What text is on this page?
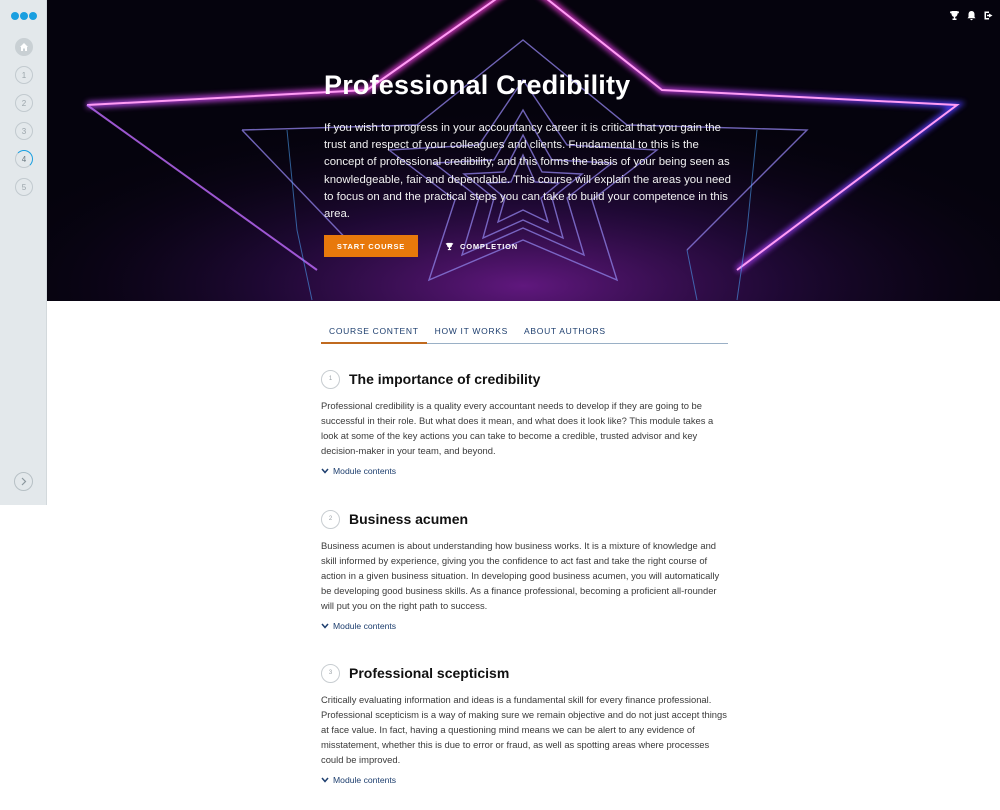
1
2
3
4
5
Professional Credibility

If you wish to progress in your accountancy career it is critical that you gain the trust and respect of your colleagues and clients. Fundamental to this is the concept of professional credibility, and this forms the basis of your being seen as knowledgeable, fair and dependable. This course will explain the areas you need to focus on and the practical steps you can take to build your competence in this area.

START COURSE	COMPLETION
COURSE CONTENT	HOW IT WORKS	ABOUT AUTHORS
1	The importance of credibility

Professional credibility is a quality every accountant needs to develop if they are going to be successful in their role. But what does it mean, and what does it look like? This module takes a look at some of the key actions you can take to become a credible, trusted advisor and key decision-maker in your team, and beyond.

Module contents
2	Business acumen

Business acumen is about understanding how business works. It is a mixture of knowledge and skill informed by experience, giving you the confidence to act fast and take the right course of action in a given business situation. In developing good business acumen, you will automatically be developing good business skills. As a finance professional, becoming a proficient all-rounder will put you on the right path to success.

Module contents
3	Professional scepticism

Critically evaluating information and ideas is a fundamental skill for every finance professional. Professional scepticism is a way of making sure we remain objective and do not just accept things at face value. In fact, having a questioning mind means we can be alert to any evidence of misstatement, whether this is due to error or fraud, as well as spotting areas where processes could be improved.

Module contents
